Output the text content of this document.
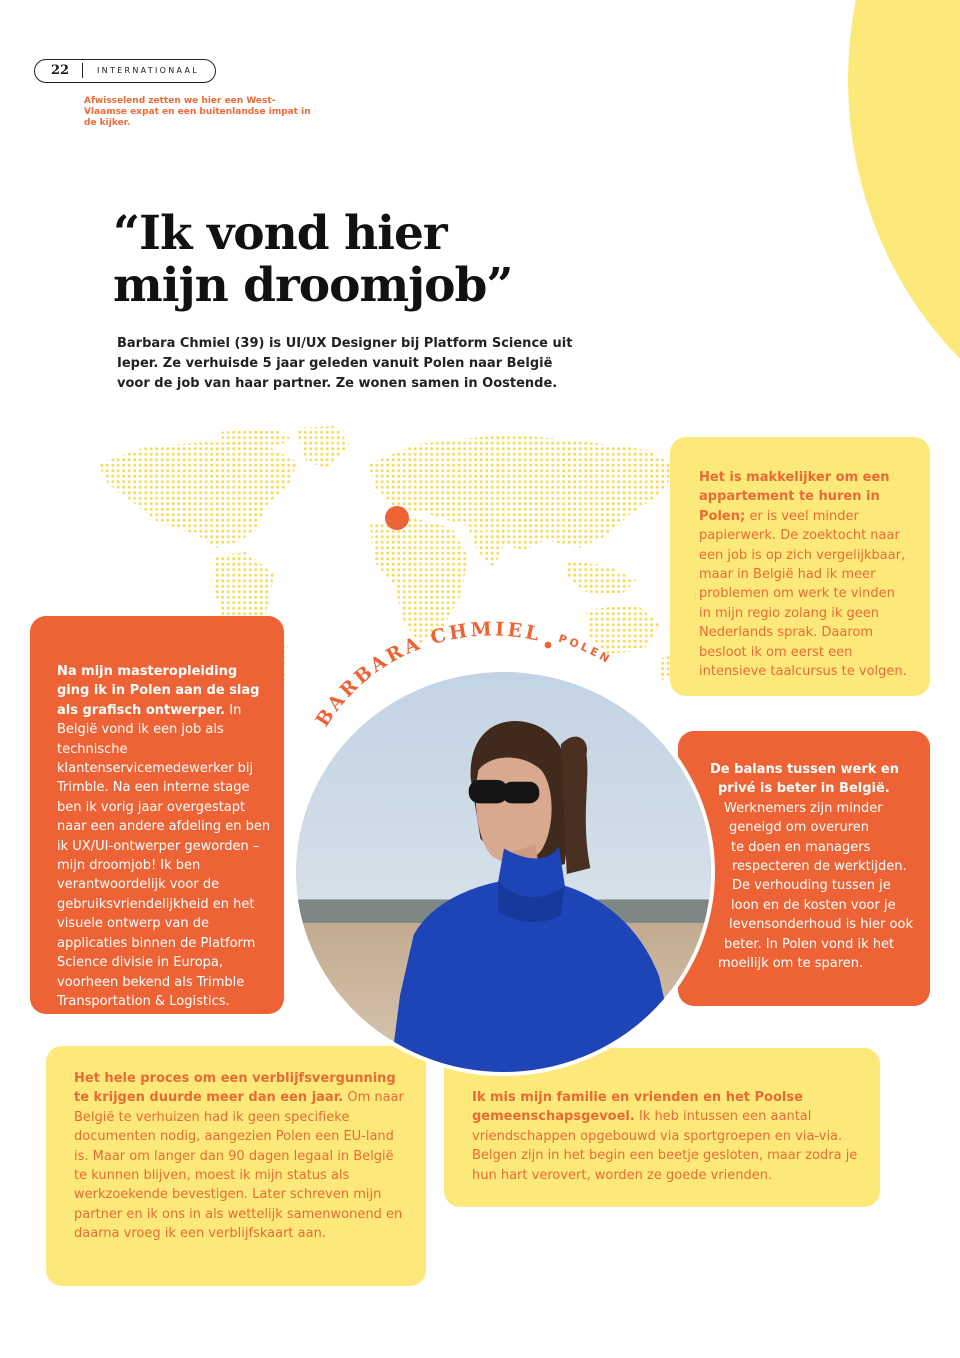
22	INTERNATIONAAL
Afwisselend zetten we hier een West-Vlaamse expat en een buitenlandse impat in de kijker.
“Ik vond hier
mijn droomjob”

Barbara Chmiel (39) is UI/UX Designer bij Platform Science uit Ieper. Ze verhuisde 5 jaar geleden vanuit Polen naar België voor de job van haar partner. Ze wonen samen in Oostende.

Het is makkelijker om een appartement te huren in Polen; er is veel minder papierwerk. De zoektocht naar een job is op zich vergelijkbaar, maar in België had ik meer problemen om werk te vinden in mijn regio zolang ik geen Nederlands sprak. Daarom besloot ik om eerst een intensieve taalcursus te volgen.

Na mijn masteropleiding ging ik in Polen aan de slag als grafisch ontwerper. In België vond ik een job als technische klantenservicemedewerker bij Trimble. Na een interne stage ben ik vorig jaar overgestapt naar een andere afdeling en ben ik UX/UI-ontwerper geworden – mijn droomjob! Ik ben verantwoordelijk voor de gebruiksvriendelijkheid en het visuele ontwerp van de applicaties binnen de Platform Science divisie in Europa, voorheen bekend als Trimble Transportation & Logistics.

De balans tussen werk en
privé is beter in België.
Werknemers zijn minder
geneigd om overuren
te doen en managers
respecteren de werktijden.
De verhouding tussen je
loon en de kosten voor je
levensonderhoud is hier ook
beter. In Polen vond ik het
moeilijk om te sparen.

Het hele proces om een verblijfsvergunning te krijgen duurde meer dan een jaar. Om naar België te verhuizen had ik geen specifieke documenten nodig, aangezien Polen een EU-land is. Maar om langer dan 90 dagen legaal in België te kunnen blijven, moest ik mijn status als werkzoekende bevestigen. Later schreven mijn partner en ik ons in als wettelijk samenwonend en daarna vroeg ik een verblijfskaart aan.

Ik mis mijn familie en vrienden en het Poolse gemeenschapsgevoel. Ik heb intussen een aantal vriendschappen opgebouwd via sportgroepen en via-via. Belgen zijn in het begin een beetje gesloten, maar zodra je hun hart verovert, worden ze goede vrienden.

BARBARA CHMIEL POLEN
